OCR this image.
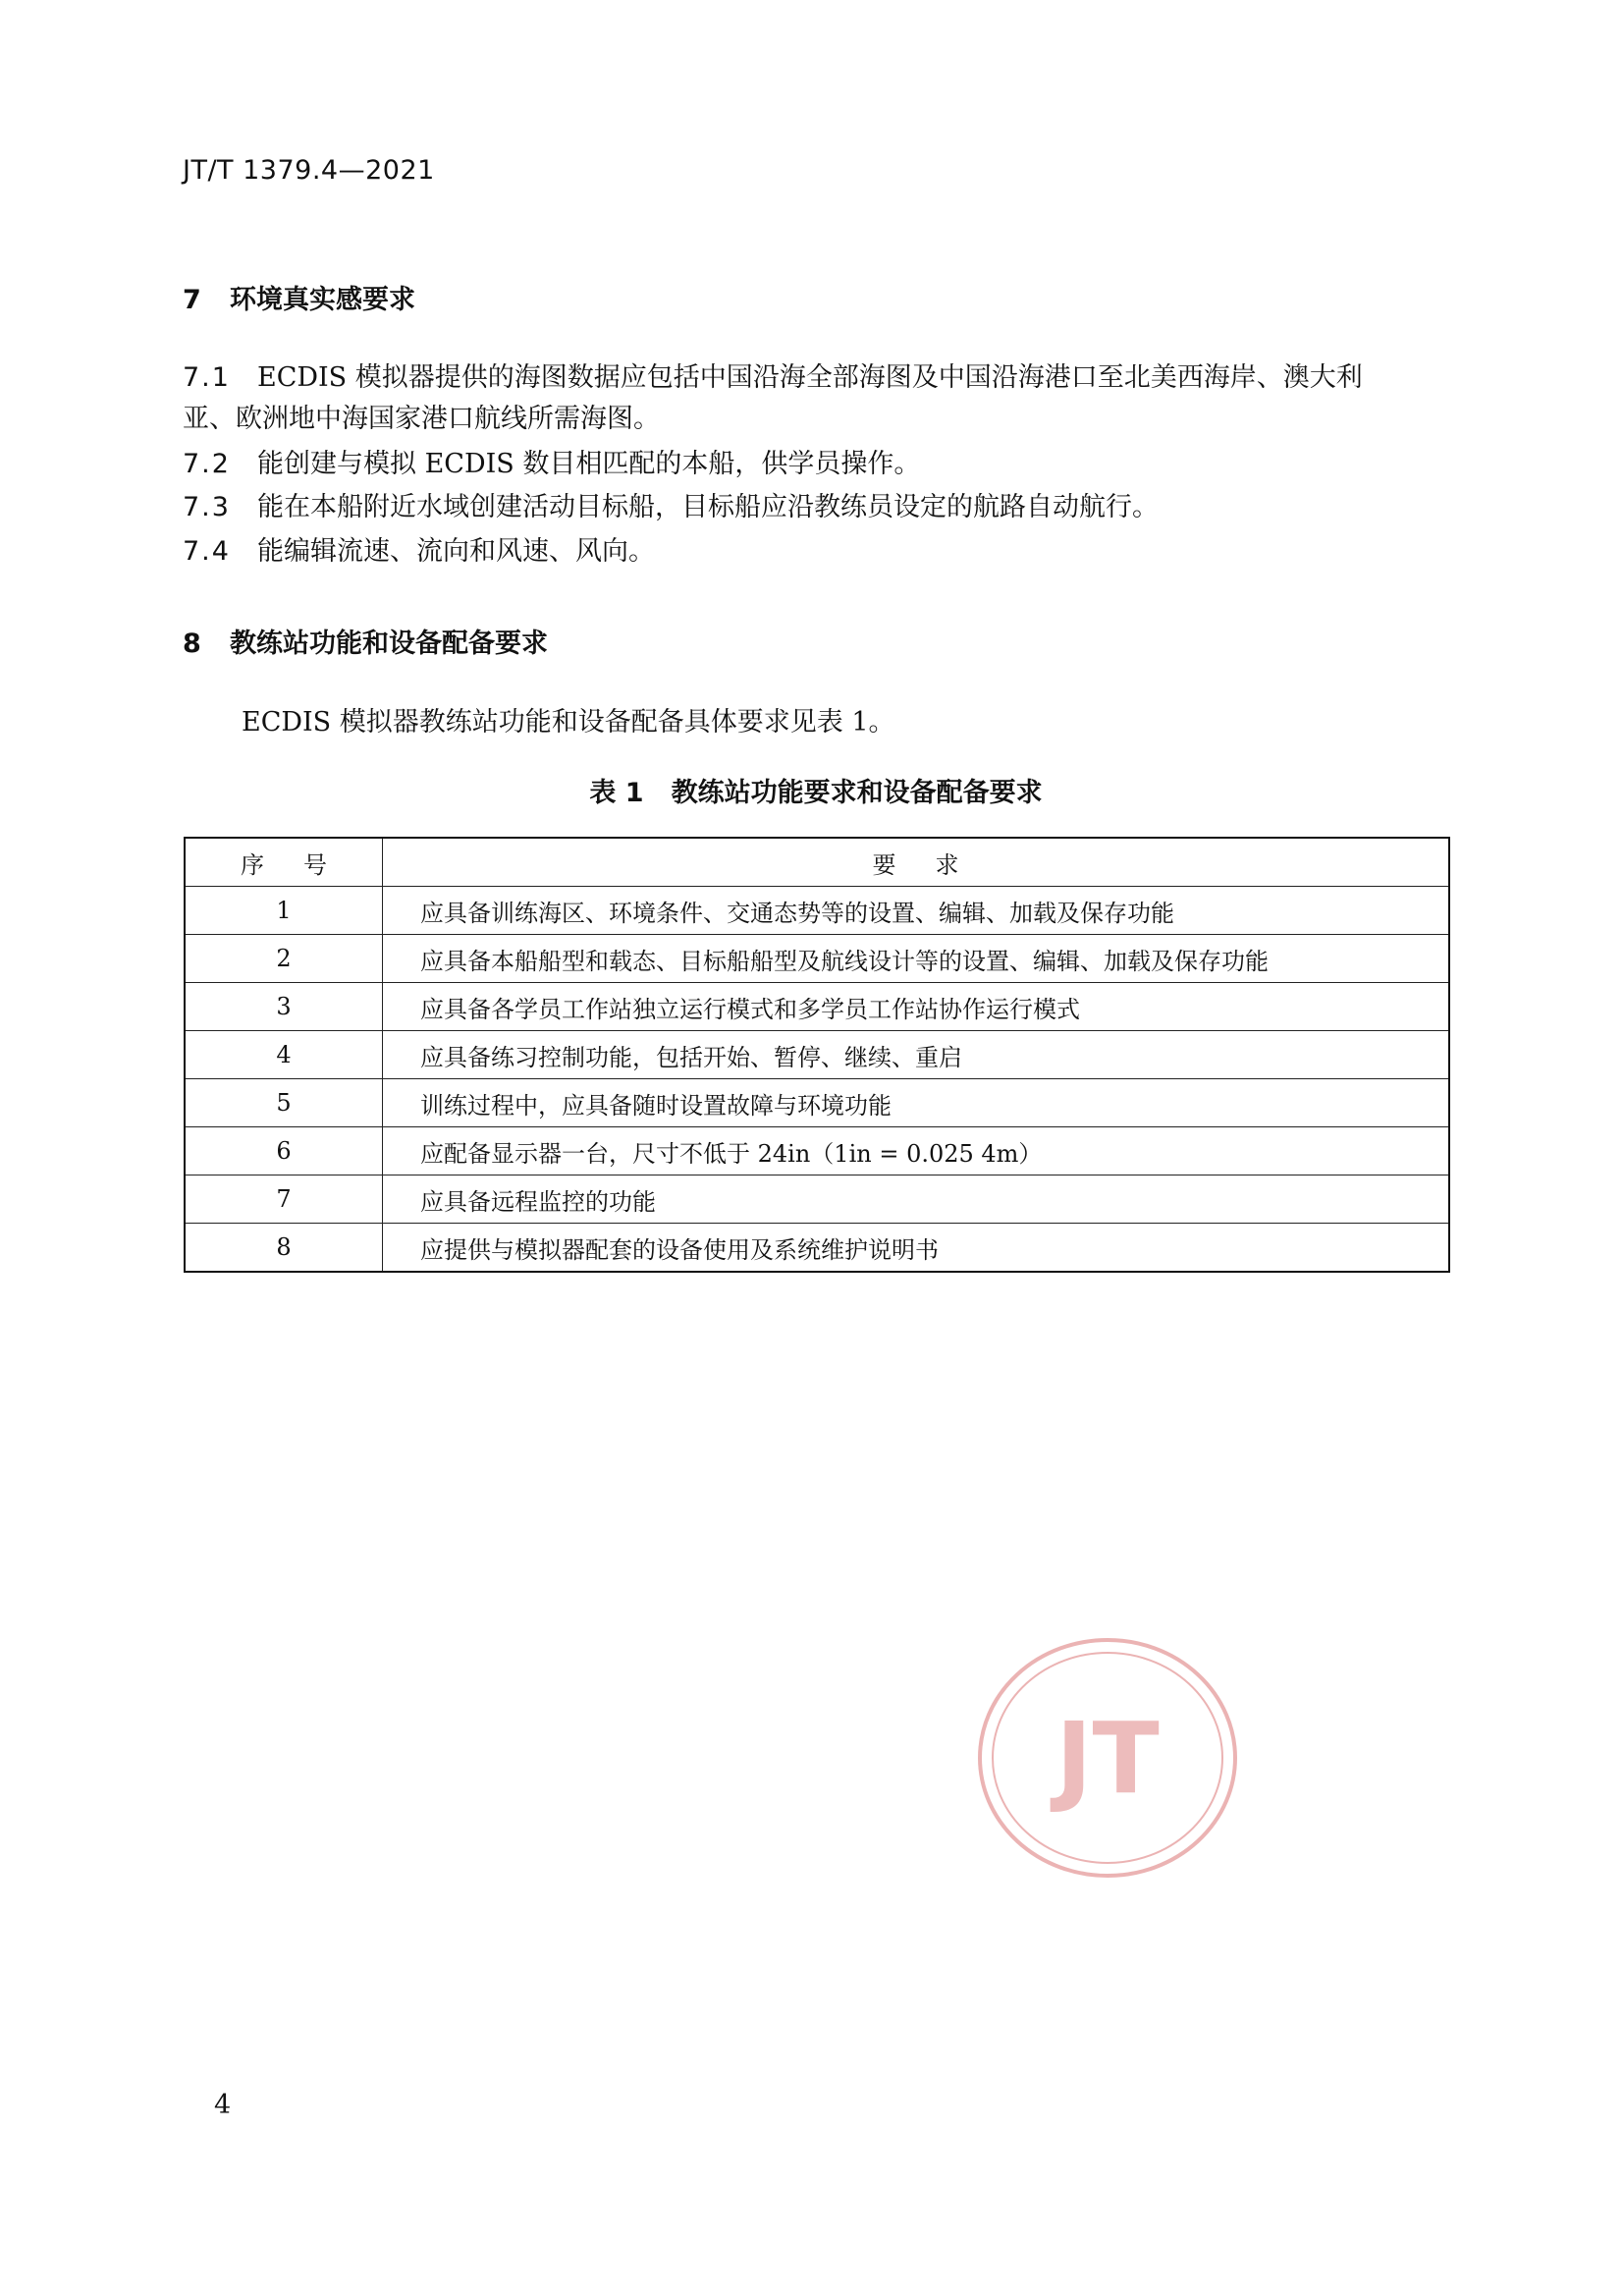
JT/T 1379.4—2021
7 环境真实感要求
7.1 ECDIS 模拟器提供的海图数据应包括中国沿海全部海图及中国沿海港口至北美西海岸、澳大利
亚、欧洲地中海国家港口航线所需海图。
7.2 能创建与模拟 ECDIS 数目相匹配的本船，供学员操作。
7.3 能在本船附近水域创建活动目标船，目标船应沿教练员设定的航路自动航行。
7.4 能编辑流速、流向和风速、风向。
8 教练站功能和设备配备要求
ECDIS 模拟器教练站功能和设备配备具体要求见表 1。
表 1 教练站功能要求和设备配备要求
序号	要求
1	应具备训练海区、环境条件、交通态势等的设置、编辑、加载及保存功能
2	应具备本船船型和载态、目标船船型及航线设计等的设置、编辑、加载及保存功能
3	应具备各学员工作站独立运行模式和多学员工作站协作运行模式
4	应具备练习控制功能，包括开始、暂停、继续、重启
5	训练过程中，应具备随时设置故障与环境功能
6	应配备显示器一台，尺寸不低于 24in（1in = 0.025 4m）
7	应具备远程监控的功能
8	应提供与模拟器配套的设备使用及系统维护说明书
JT
4
